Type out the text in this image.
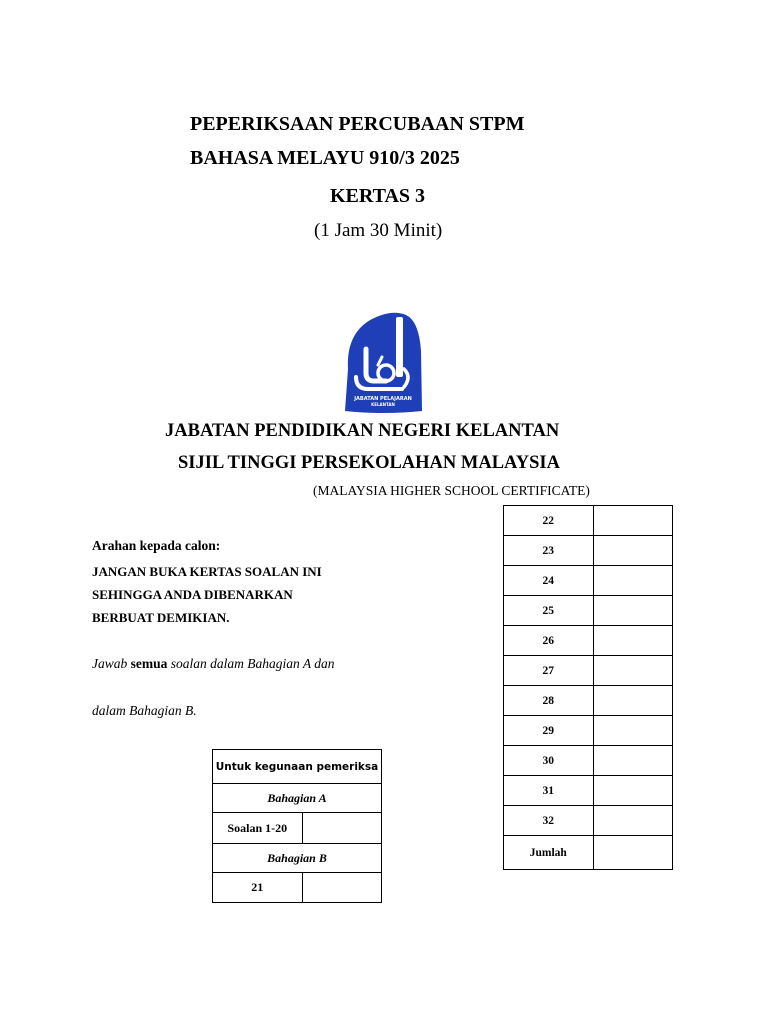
PEPERIKSAAN PERCUBAAN STPM
BAHASA MELAYU 910/3 2025
KERTAS 3
(1 Jam 30 Minit)
JABATAN PELAJARAN
KELANTAN
JABATAN PENDIDIKAN NEGERI KELANTAN
SIJIL TINGGI PERSEKOLAHAN MALAYSIA
(MALAYSIA HIGHER SCHOOL CERTIFICATE)
Arahan kepada calon:
JANGAN BUKA KERTAS SOALAN INI
SEHINGGA ANDA DIBENARKAN
BERBUAT DEMIKIAN.
Jawab semua soalan dalam Bahagian A dan
dalam Bahagian B.
Untuk kegunaan pemeriksa	
Bahagian A	
Soalan 1-20	
Bahagian B	
21	
22	
23	
24	
25	
26	
27	
28	
29	
30	
31	
32	
Jumlah	
